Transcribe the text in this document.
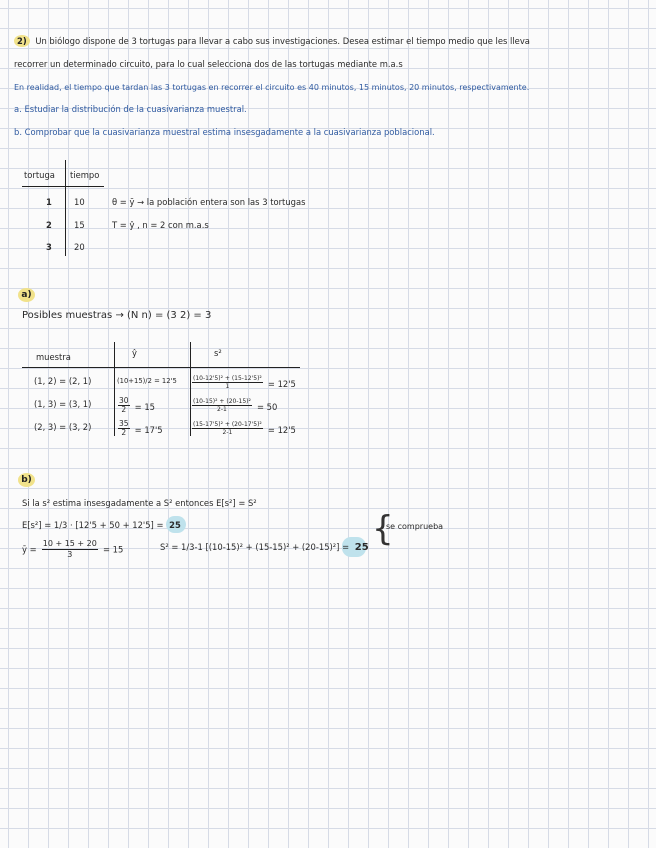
2) Un biólogo dispone de 3 tortugas para llevar a cabo sus investigaciones. Desea estimar el tiempo medio que les lleva
recorrer un determinado circuito, para lo cual selecciona dos de las tortugas mediante m.a.s
En realidad, el tiempo que tardan las 3 tortugas en recorrer el circuito es 40 minutos, 15 minutos, 20 minutos, respectivamente.
a. Estudiar la distribución de la cuasivarianza muestral.
b. Comprobar que la cuasivarianza muestral estima insesgadamente a la cuasivarianza poblacional.
tortuga tiempo
1	10
2	15
3	20
θ = ȳ → la población entera son las 3 tortugas
T = ŷ , n = 2 con m.a.s
a)
Posibles muestras → (N n) = (3 2) = 3
muestra	ŷ	s²
(1, 2) = (2, 1)	(10+15)/2 = 12'5	$\frac{\text{(10-12'5)² + (15-12'5)²}}{1} = 12'5$
(1, 3) = (3, 1)	$\frac{30}{2} = 15$	$\frac{\text{(10-15)² + (20-15)²}}{2-1} = 50$
(2, 3) = (3, 2)	$\frac{35}{2} = 17'5$	$\frac{\text{(15-17'5)² + (20-17'5)²}}{2-1} = 12'5$
b)
Si la s² estima insesgadamente a S² entonces E[s²] = S²
E[s²] = 1/3 · [12'5 + 50 + 12'5] = 25
ȳ = $\frac{10 + 15 + 20}{3} = 15$	S² = 1/3-1 [(10-15)² + (15-15)² + (20-15)²] = 25 {
se comprueba
